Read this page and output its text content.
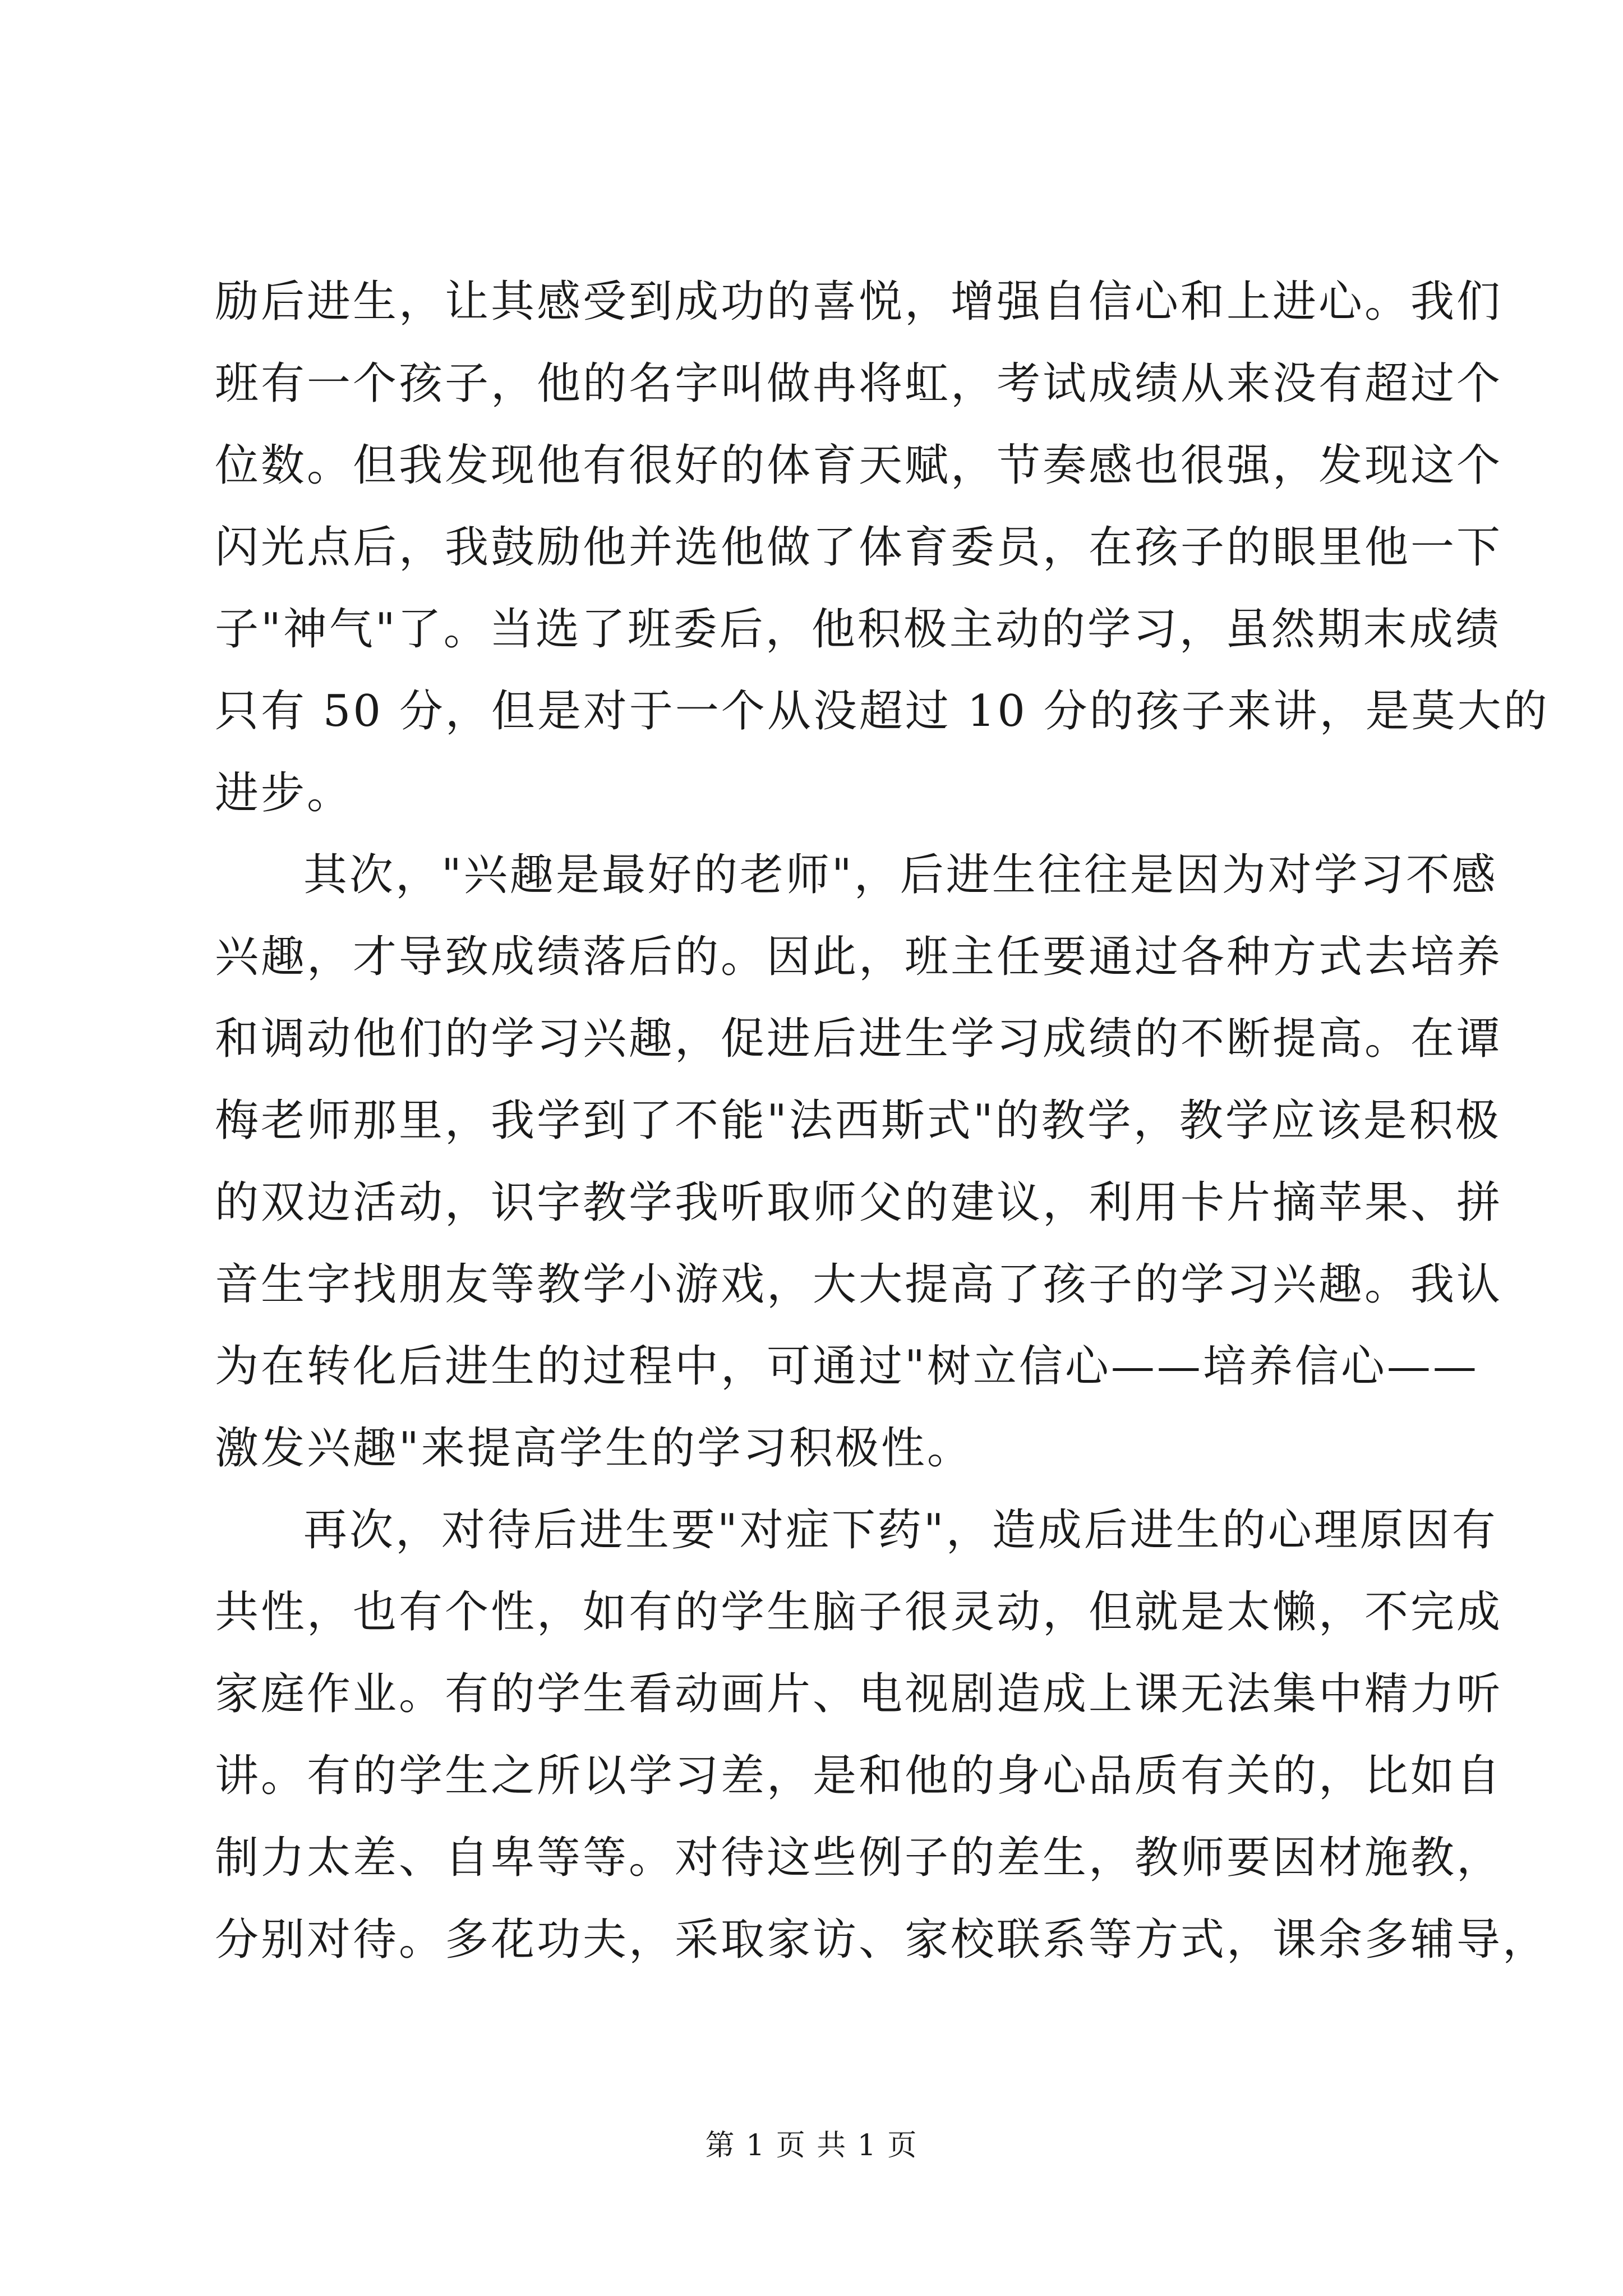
励后进生，让其感受到成功的喜悦，增强自信心和上进心。我们
班有一个孩子，他的名字叫做冉将虹，考试成绩从来没有超过个
位数。但我发现他有很好的体育天赋，节奏感也很强，发现这个
闪光点后，我鼓励他并选他做了体育委员，在孩子的眼里他一下
子"神气"了。当选了班委后，他积极主动的学习，虽然期末成绩
只有 50 分，但是对于一个从没超过 10 分的孩子来讲，是莫大的
进步。
其次，"兴趣是最好的老师"，后进生往往是因为对学习不感
兴趣，才导致成绩落后的。因此，班主任要通过各种方式去培养
和调动他们的学习兴趣，促进后进生学习成绩的不断提高。在谭
梅老师那里，我学到了不能"法西斯式"的教学，教学应该是积极
的双边活动，识字教学我听取师父的建议，利用卡片摘苹果、拼
音生字找朋友等教学小游戏，大大提高了孩子的学习兴趣。我认
为在转化后进生的过程中，可通过"树立信心——培养信心——
激发兴趣"来提高学生的学习积极性。
再次，对待后进生要"对症下药"，造成后进生的心理原因有
共性，也有个性，如有的学生脑子很灵动，但就是太懒，不完成
家庭作业。有的学生看动画片、电视剧造成上课无法集中精力听
讲。有的学生之所以学习差，是和他的身心品质有关的，比如自
制力太差、自卑等等。对待这些例子的差生，教师要因材施教，
分别对待。多花功夫，采取家访、家校联系等方式，课余多辅导，
第 1 页 共 1 页
